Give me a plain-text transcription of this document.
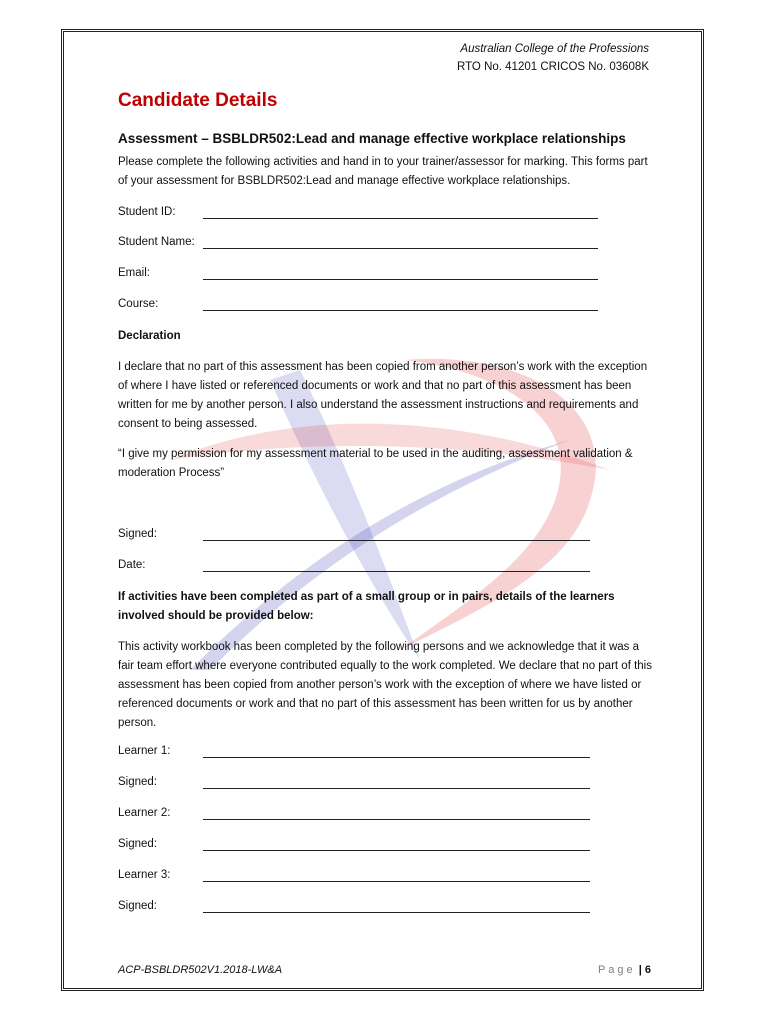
Australian College of the Professions
RTO No. 41201 CRICOS No. 03608K
Candidate Details
Assessment – BSBLDR502:Lead and manage effective workplace relationships
Please complete the following activities and hand in to your trainer/assessor for marking. This forms part of your assessment for BSBLDR502:Lead and manage effective workplace relationships.
Student ID:
Student Name:
Email:
Course:
Declaration
I declare that no part of this assessment has been copied from another person’s work with the exception of where I have listed or referenced documents or work and that no part of this assessment has been written for me by another person. I also understand the assessment instructions and requirements and consent to being assessed.
“I give my permission for my assessment material to be used in the auditing, assessment validation & moderation Process”
Signed:
Date:
If activities have been completed as part of a small group or in pairs, details of the learners involved should be provided below:
This activity workbook has been completed by the following persons and we acknowledge that it was a fair team effort where everyone contributed equally to the work completed. We declare that no part of this assessment has been copied from another person’s work with the exception of where we have listed or referenced documents or work and that no part of this assessment has been written for us by another person.
Learner 1:
Signed:
Learner 2:
Signed:
Learner 3:
Signed:
ACP-BSBLDR502V1.2018-LW&A	Page | 6
